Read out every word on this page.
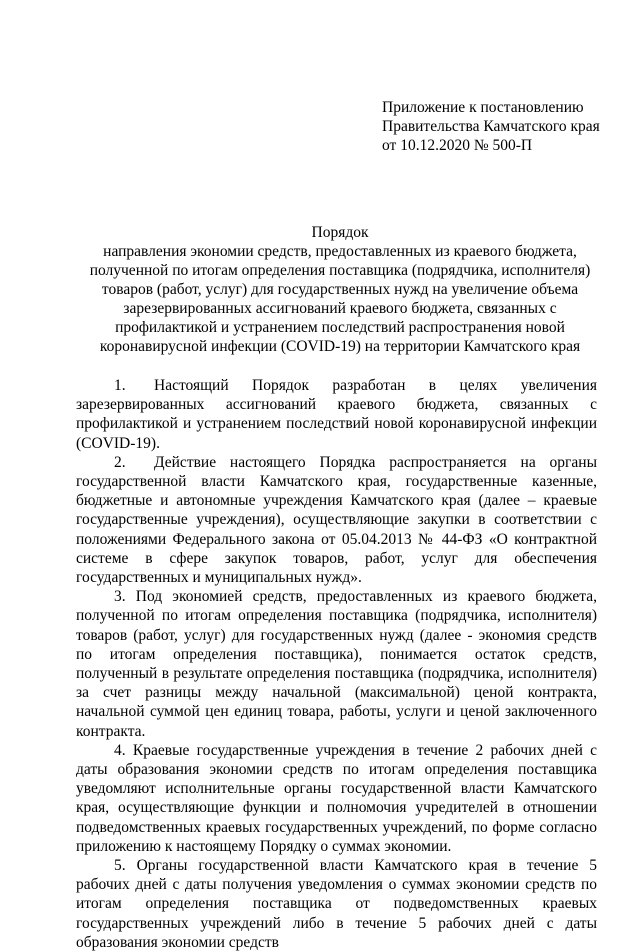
Приложение к постановлению
Правительства Камчатского края
от 10.12.2020 № 500-П
Порядок
направления экономии средств, предоставленных из краевого бюджета,
полученной по итогам определения поставщика (подрядчика, исполнителя)
товаров (работ, услуг) для государственных нужд на увеличение объема
зарезервированных ассигнований краевого бюджета, связанных с
профилактикой и устранением последствий распространения новой
коронавирусной инфекции (COVID-19) на территории Камчатского края

1. Настоящий Порядок разработан в целях увеличения зарезервированных ассигнований краевого бюджета, связанных с профилактикой и устранением последствий новой коронавирусной инфекции (COVID-19).

2. Действие настоящего Порядка распространяется на органы государственной власти Камчатского края, государственные казенные, бюджетные и автономные учреждения Камчатского края (далее – краевые государственные учреждения), осуществляющие закупки в соответствии с положениями Федерального закона от 05.04.2013 № 44-ФЗ «О контрактной системе в сфере закупок товаров, работ, услуг для обеспечения государственных и муниципальных нужд».

3. Под экономией средств, предоставленных из краевого бюджета, полученной по итогам определения поставщика (подрядчика, исполнителя) товаров (работ, услуг) для государственных нужд (далее - экономия средств по итогам определения поставщика), понимается остаток средств, полученный в результате определения поставщика (подрядчика, исполнителя) за счет разницы между начальной (максимальной) ценой контракта, начальной суммой цен единиц товара, работы, услуги и ценой заключенного контракта.

4. Краевые государственные учреждения в течение 2 рабочих дней с даты образования экономии средств по итогам определения поставщика уведомляют исполнительные органы государственной власти Камчатского края, осуществляющие функции и полномочия учредителей в отношении подведомственных краевых государственных учреждений, по форме согласно приложению к настоящему Порядку о суммах экономии.

5. Органы государственной власти Камчатского края в течение 5 рабочих дней с даты получения уведомления о суммах экономии средств по итогам определения поставщика от подведомственных краевых государственных учреждений либо в течение 5 рабочих дней с даты образования экономии средств
